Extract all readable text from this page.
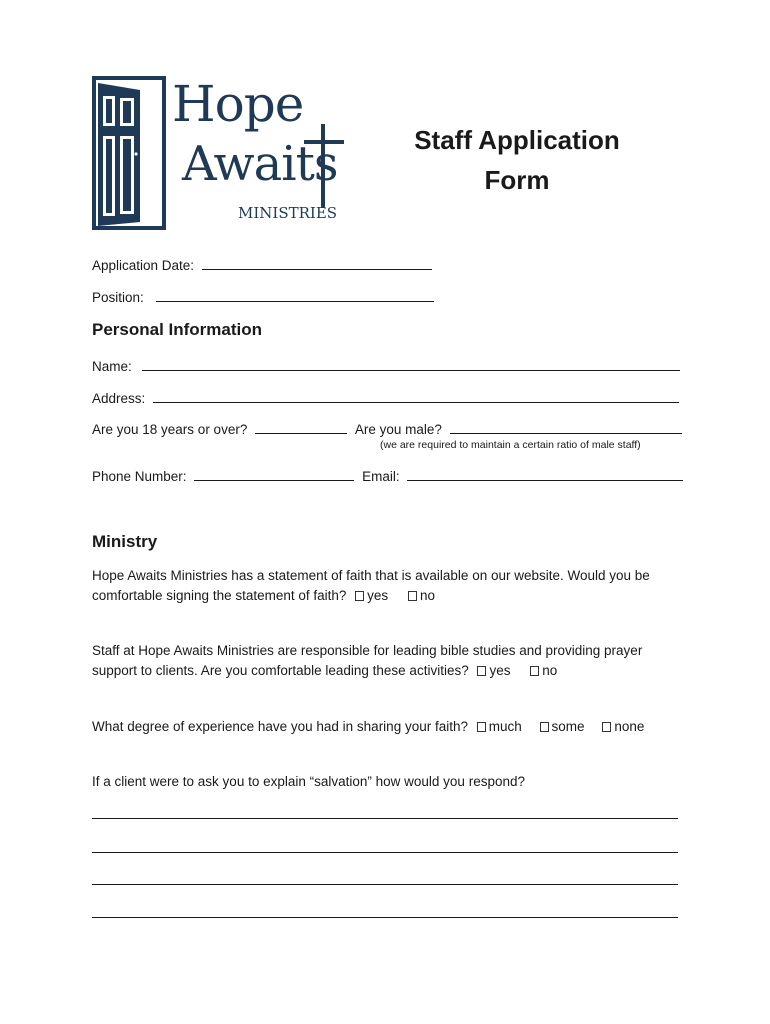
Hope
Awaits
MINISTRIES
Staff Application
Form
Application Date:
Position:
Personal Information
Name:
Address:
Are you 18 years or over?	Are you male?
(we are required to maintain a certain ratio of male staff)
Phone Number:	Email:
Ministry
Hope Awaits Ministries has a statement of faith that is available on our website. Would you be
comfortable signing the statement of faith? yes no
Staff at Hope Awaits Ministries are responsible for leading bible studies and providing prayer
support to clients. Are you comfortable leading these activities? yes no
What degree of experience have you had in sharing your faith? much some none
If a client were to ask you to explain “salvation” how would you respond?
